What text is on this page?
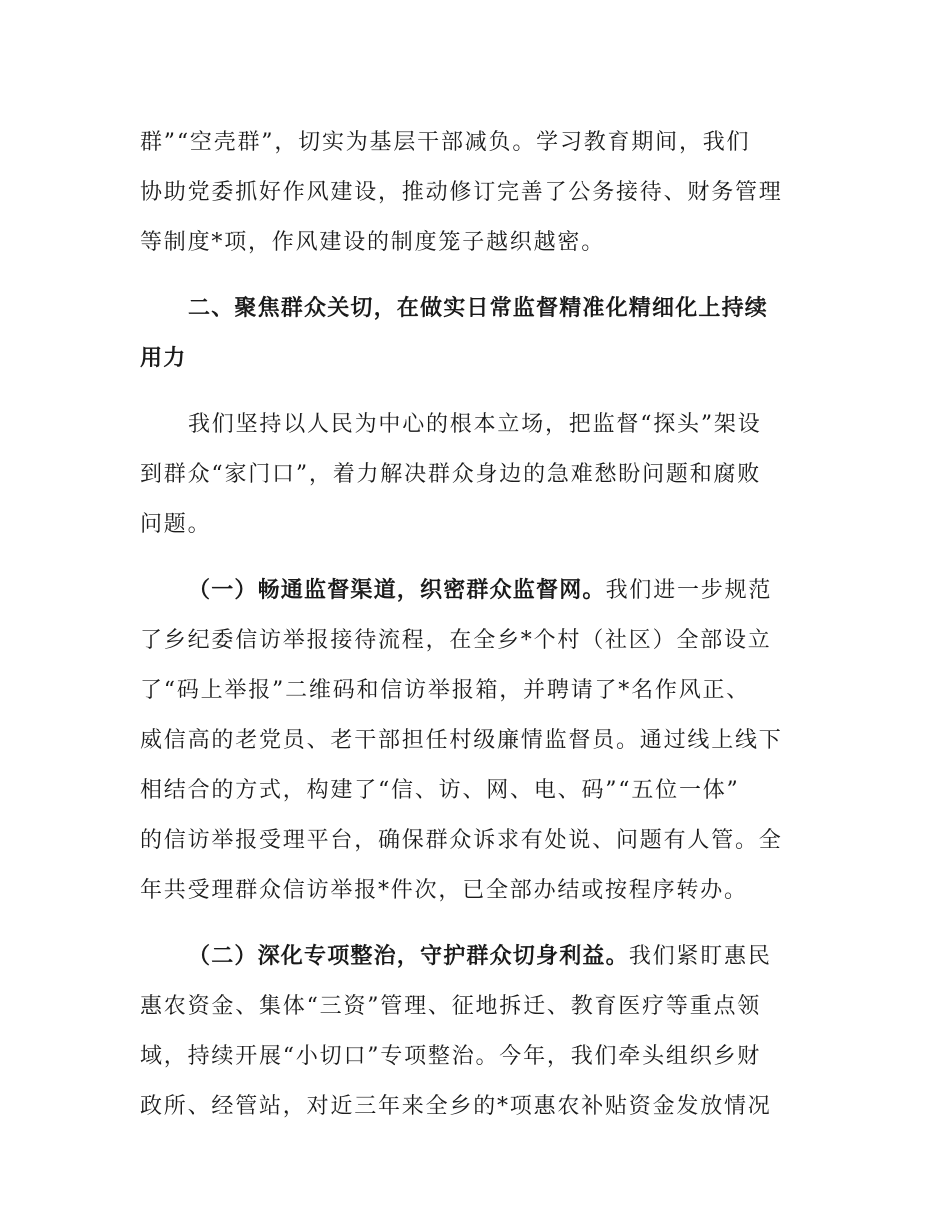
群”“空壳群”，切实为基层干部减负。学习教育期间，我们
协助党委抓好作风建设，推动修订完善了公务接待、财务管理
等制度*项，作风建设的制度笼子越织越密。
二、聚焦群众关切，在做实日常监督精准化精细化上持续
用力
我们坚持以人民为中心的根本立场，把监督“探头”架设
到群众“家门口”，着力解决群众身边的急难愁盼问题和腐败
问题。
（一）畅通监督渠道，织密群众监督网。我们进一步规范
了乡纪委信访举报接待流程，在全乡*个村（社区）全部设立
了“码上举报”二维码和信访举报箱，并聘请了*名作风正、
威信高的老党员、老干部担任村级廉情监督员。通过线上线下
相结合的方式，构建了“信、访、网、电、码”“五位一体”
的信访举报受理平台，确保群众诉求有处说、问题有人管。全
年共受理群众信访举报*件次，已全部办结或按程序转办。
（二）深化专项整治，守护群众切身利益。我们紧盯惠民
惠农资金、集体“三资”管理、征地拆迁、教育医疗等重点领
域，持续开展“小切口”专项整治。今年，我们牵头组织乡财
政所、经管站，对近三年来全乡的*项惠农补贴资金发放情况
